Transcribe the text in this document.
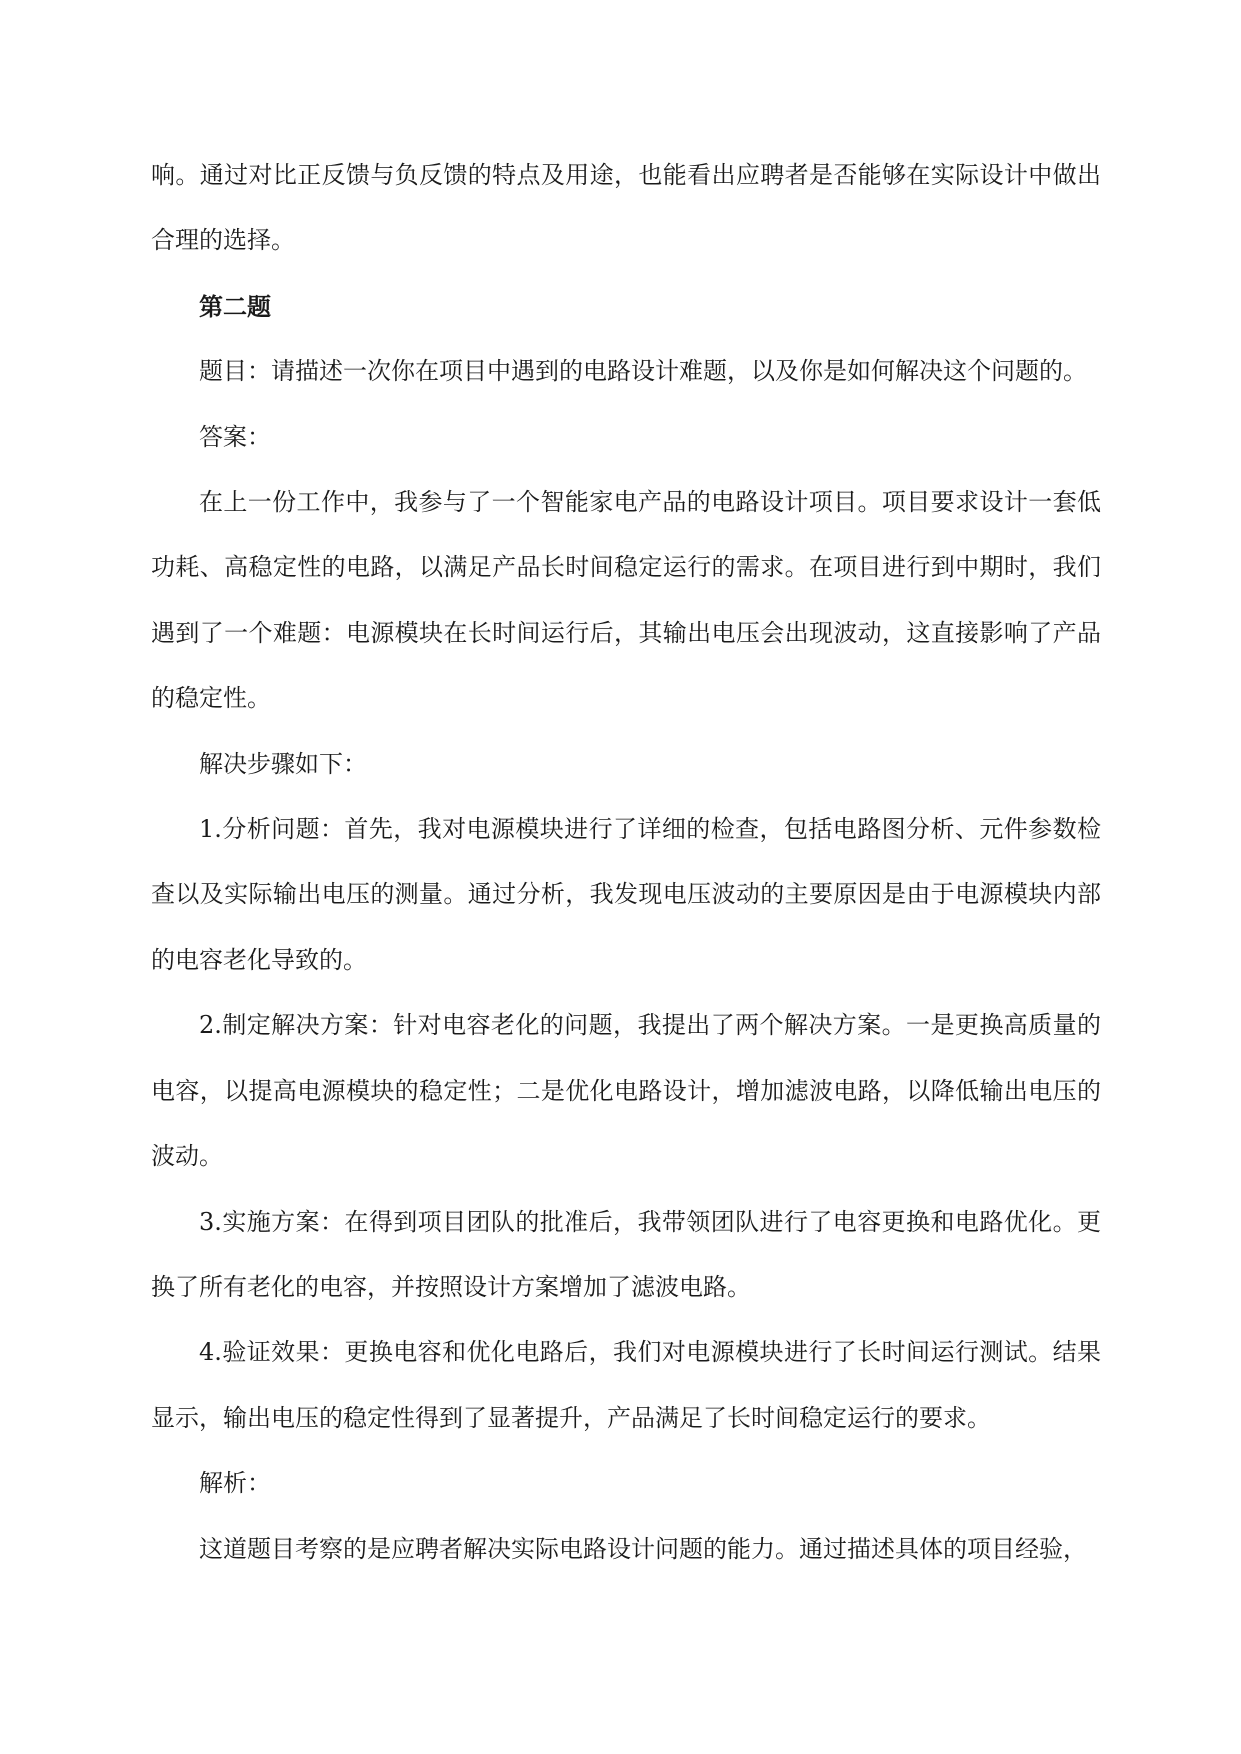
响。通过对比正反馈与负反馈的特点及用途，也能看出应聘者是否能够在实际设计中做出合理的选择。

第二题

题目：请描述一次你在项目中遇到的电路设计难题，以及你是如何解决这个问题的。

答案：

在上一份工作中，我参与了一个智能家电产品的电路设计项目。项目要求设计一套低功耗、高稳定性的电路，以满足产品长时间稳定运行的需求。在项目进行到中期时，我们遇到了一个难题：电源模块在长时间运行后，其输出电压会出现波动，这直接影响了产品的稳定性。

解决步骤如下：

1.分析问题：首先，我对电源模块进行了详细的检查，包括电路图分析、元件参数检查以及实际输出电压的测量。通过分析，我发现电压波动的主要原因是由于电源模块内部的电容老化导致的。

2.制定解决方案：针对电容老化的问题，我提出了两个解决方案。一是更换高质量的电容，以提高电源模块的稳定性；二是优化电路设计，增加滤波电路，以降低输出电压的波动。

3.实施方案：在得到项目团队的批准后，我带领团队进行了电容更换和电路优化。更换了所有老化的电容，并按照设计方案增加了滤波电路。

4.验证效果：更换电容和优化电路后，我们对电源模块进行了长时间运行测试。结果显示，输出电压的稳定性得到了显著提升，产品满足了长时间稳定运行的要求。

解析：

这道题目考察的是应聘者解决实际电路设计问题的能力。通过描述具体的项目经验，
